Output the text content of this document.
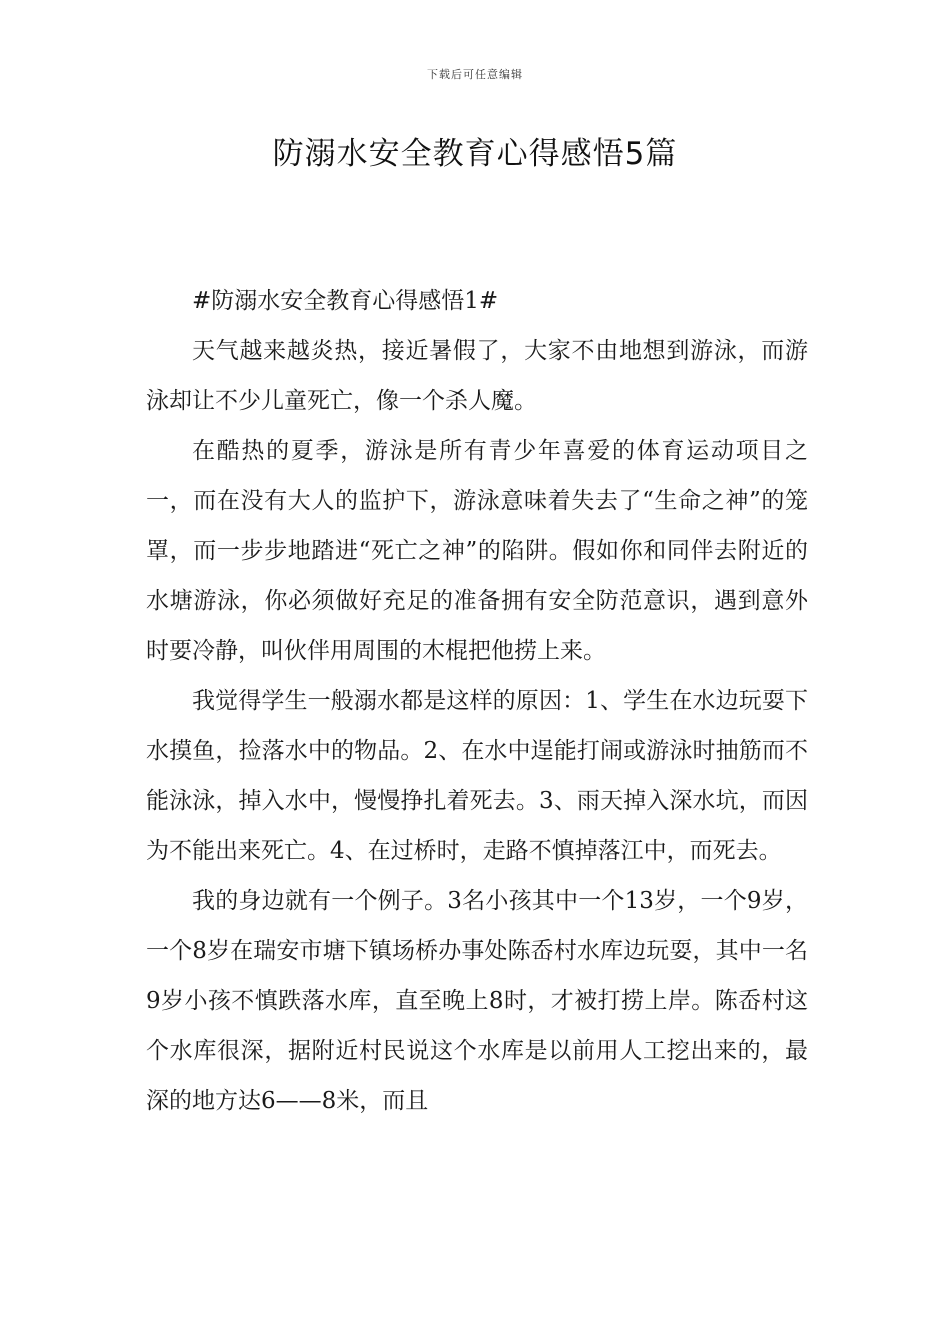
下载后可任意编辑
防溺水安全教育心得感悟5篇

#防溺水安全教育心得感悟1#

天气越来越炎热，接近暑假了，大家不由地想到游泳，而游泳却让不少儿童死亡，像一个杀人魔。

在酷热的夏季，游泳是所有青少年喜爱的体育运动项目之一，而在没有大人的监护下，游泳意味着失去了“生命之神”的笼罩，而一步步地踏进“死亡之神”的陷阱。假如你和同伴去附近的水塘游泳，你必须做好充足的准备拥有安全防范意识，遇到意外时要冷静，叫伙伴用周围的木棍把他捞上来。

我觉得学生一般溺水都是这样的原因：1、学生在水边玩耍下水摸鱼，捡落水中的物品。2、在水中逞能打闹或游泳时抽筋而不能泳泳，掉入水中，慢慢挣扎着死去。3、雨天掉入深水坑，而因为不能出来死亡。4、在过桥时，走路不慎掉落江中，而死去。

我的身边就有一个例子。3名小孩其中一个13岁，一个9岁，一个8岁在瑞安市塘下镇场桥办事处陈岙村水库边玩耍，其中一名9岁小孩不慎跌落水库，直至晚上8时，才被打捞上岸。陈岙村这个水库很深，据附近村民说这个水库是以前用人工挖出来的，最深的地方达6——8米，而且
